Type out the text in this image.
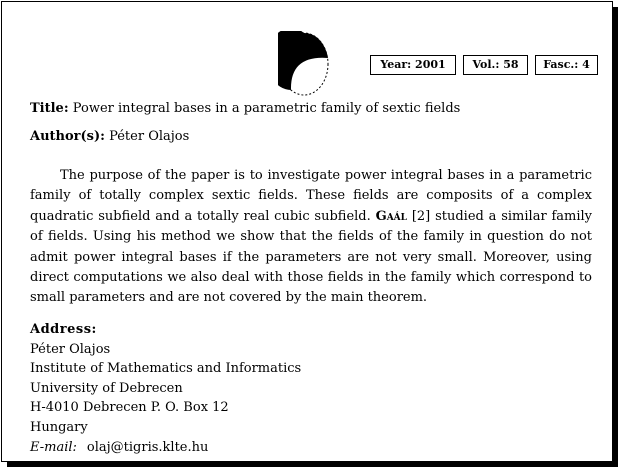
Year: 2001	Vol.: 58	Fasc.: 4
Title: Power integral bases in a parametric family of sextic fields
Author(s): Péter Olajos

The purpose of the paper is to investigate power integral bases in a parametric family of totally complex sextic fields. These fields are composits of a complex quadratic subfield and a totally real cubic subfield. Gaál [2] studied a similar family of fields. Using his method we show that the fields of the family in question do not admit power integral bases if the parameters are not very small. Moreover, using direct computations we also deal with those fields in the family which correspond to small parameters and are not covered by the main theorem.

Address:
Péter Olajos
Institute of Mathematics and Informatics
University of Debrecen
H-4010 Debrecen P. O. Box 12
Hungary
E-mail: olaj@tigris.klte.hu
